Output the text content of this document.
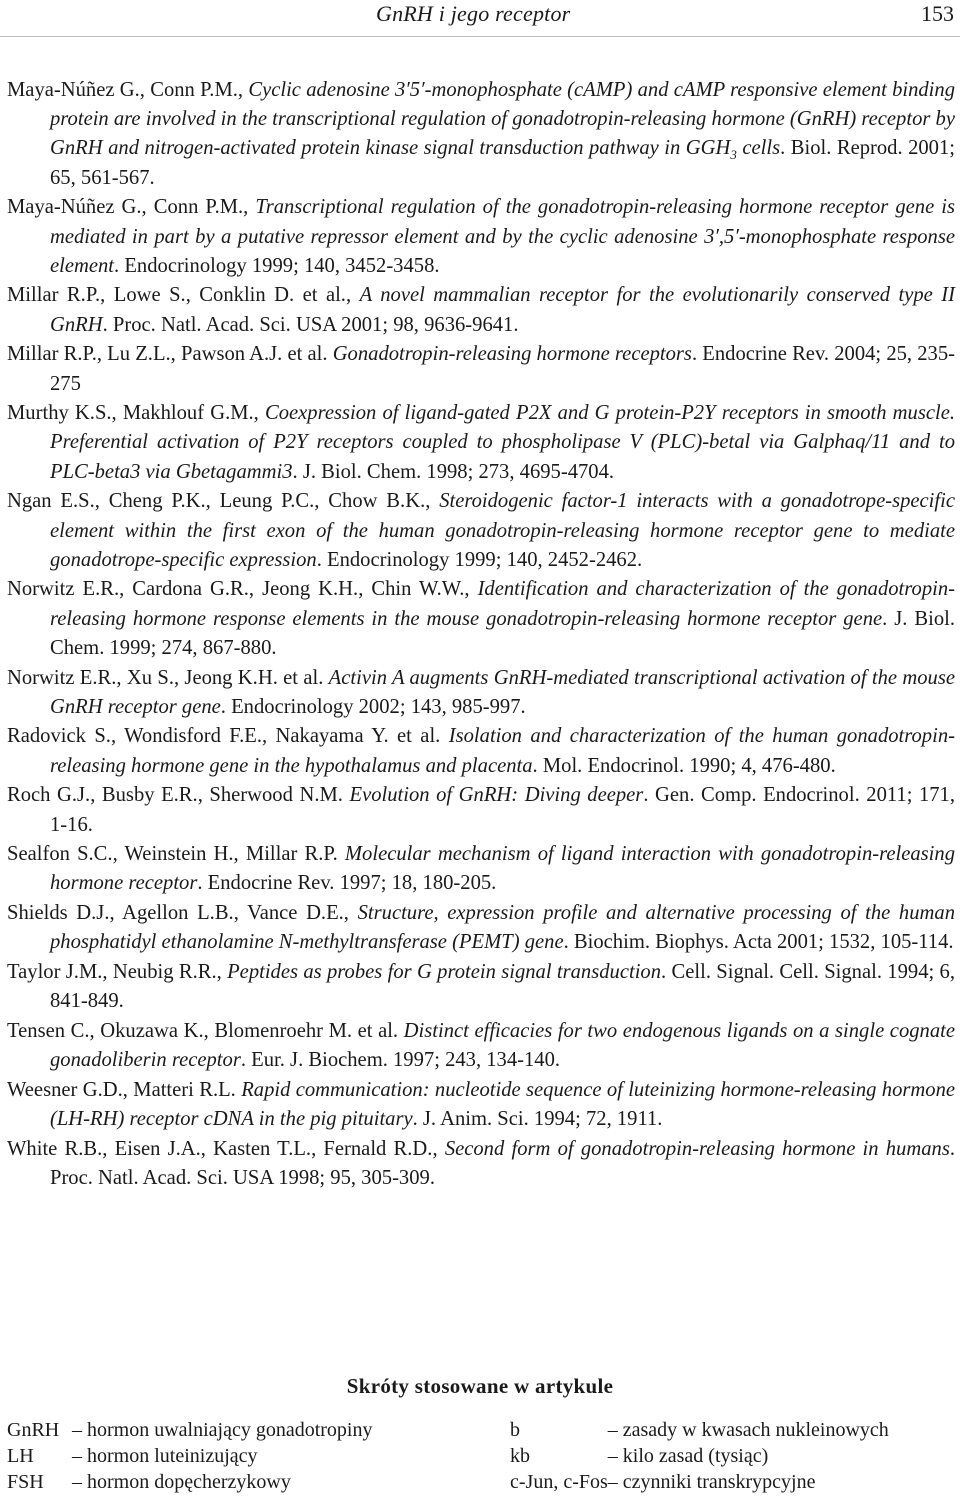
GnRH i jego receptor	153

Maya-Núñez G., Conn P.M., Cyclic adenosine 3′5′-monophosphate (cAMP) and cAMP responsive element binding protein are involved in the transcriptional regulation of gonadotropin-releasing hormone (GnRH) receptor by GnRH and nitrogen-activated protein kinase signal transduction pathway in $GGH_3$ cells. Biol. Reprod. 2001; 65, 561-567.

Maya-Núñez G., Conn P.M., Transcriptional regulation of the gonadotropin-releasing hormone receptor gene is mediated in part by a putative repressor element and by the cyclic adenosine 3′,5′-monophosphate response element. Endocrinology 1999; 140, 3452-3458.

Millar R.P., Lowe S., Conklin D. et al., A novel mammalian receptor for the evolutionarily conserved type II GnRH. Proc. Natl. Acad. Sci. USA 2001; 98, 9636-9641.

Millar R.P., Lu Z.L., Pawson A.J. et al. Gonadotropin-releasing hormone receptors. Endocrine Rev. 2004; 25, 235-275

Murthy K.S., Makhlouf G.M., Coexpression of ligand-gated P2X and G protein-P2Y receptors in smooth muscle. Preferential activation of P2Y receptors coupled to phospholipase V (PLC)-betal via Galphaq/11 and to PLC-beta3 via Gbetagammi3. J. Biol. Chem. 1998; 273, 4695-4704.

Ngan E.S., Cheng P.K., Leung P.C., Chow B.K., Steroidogenic factor-1 interacts with a gonadotrope-specific element within the first exon of the human gonadotropin-releasing hormone receptor gene to mediate gonadotrope-specific expression. Endocrinology 1999; 140, 2452-2462.

Norwitz E.R., Cardona G.R., Jeong K.H., Chin W.W., Identification and characterization of the gonadotropin-releasing hormone response elements in the mouse gonadotropin-releasing hormone receptor gene. J. Biol. Chem. 1999; 274, 867-880.

Norwitz E.R., Xu S., Jeong K.H. et al. Activin A augments GnRH-mediated transcriptional activation of the mouse GnRH receptor gene. Endocrinology 2002; 143, 985-997.

Radovick S., Wondisford F.E., Nakayama Y. et al. Isolation and characterization of the human gonadotropin-releasing hormone gene in the hypothalamus and placenta. Mol. Endocrinol. 1990; 4, 476-480.

Roch G.J., Busby E.R., Sherwood N.M. Evolution of GnRH: Diving deeper. Gen. Comp. Endocrinol. 2011; 171, 1-16.

Sealfon S.C., Weinstein H., Millar R.P. Molecular mechanism of ligand interaction with gonadotropin-releasing hormone receptor. Endocrine Rev. 1997; 18, 180-205.

Shields D.J., Agellon L.B., Vance D.E., Structure, expression profile and alternative processing of the human phosphatidyl ethanolamine N-methyltransferase (PEMT) gene. Biochim. Biophys. Acta 2001; 1532, 105-114.

Taylor J.M., Neubig R.R., Peptides as probes for G protein signal transduction. Cell. Signal. Cell. Signal. 1994; 6, 841-849.

Tensen C., Okuzawa K., Blomenroehr M. et al. Distinct efficacies for two endogenous ligands on a single cognate gonadoliberin receptor. Eur. J. Biochem. 1997; 243, 134-140.

Weesner G.D., Matteri R.L. Rapid communication: nucleotide sequence of luteinizing hormone-releasing hormone (LH-RH) receptor cDNA in the pig pituitary. J. Anim. Sci. 1994; 72, 1911.

White R.B., Eisen J.A., Kasten T.L., Fernald R.D., Second form of gonadotropin-releasing hormone in humans. Proc. Natl. Acad. Sci. USA 1998; 95, 305-309.

Skróty stosowane w artykule
GnRH	– hormon uwalniający gonadotropiny	b	– zasady w kwasach nukleinowych
LH	– hormon luteinizujący	kb	– kilo zasad (tysiąc)
FSH	– hormon dopęcherzykowy	c-Jun, c-Fos	– czynniki transkrypcyjne
